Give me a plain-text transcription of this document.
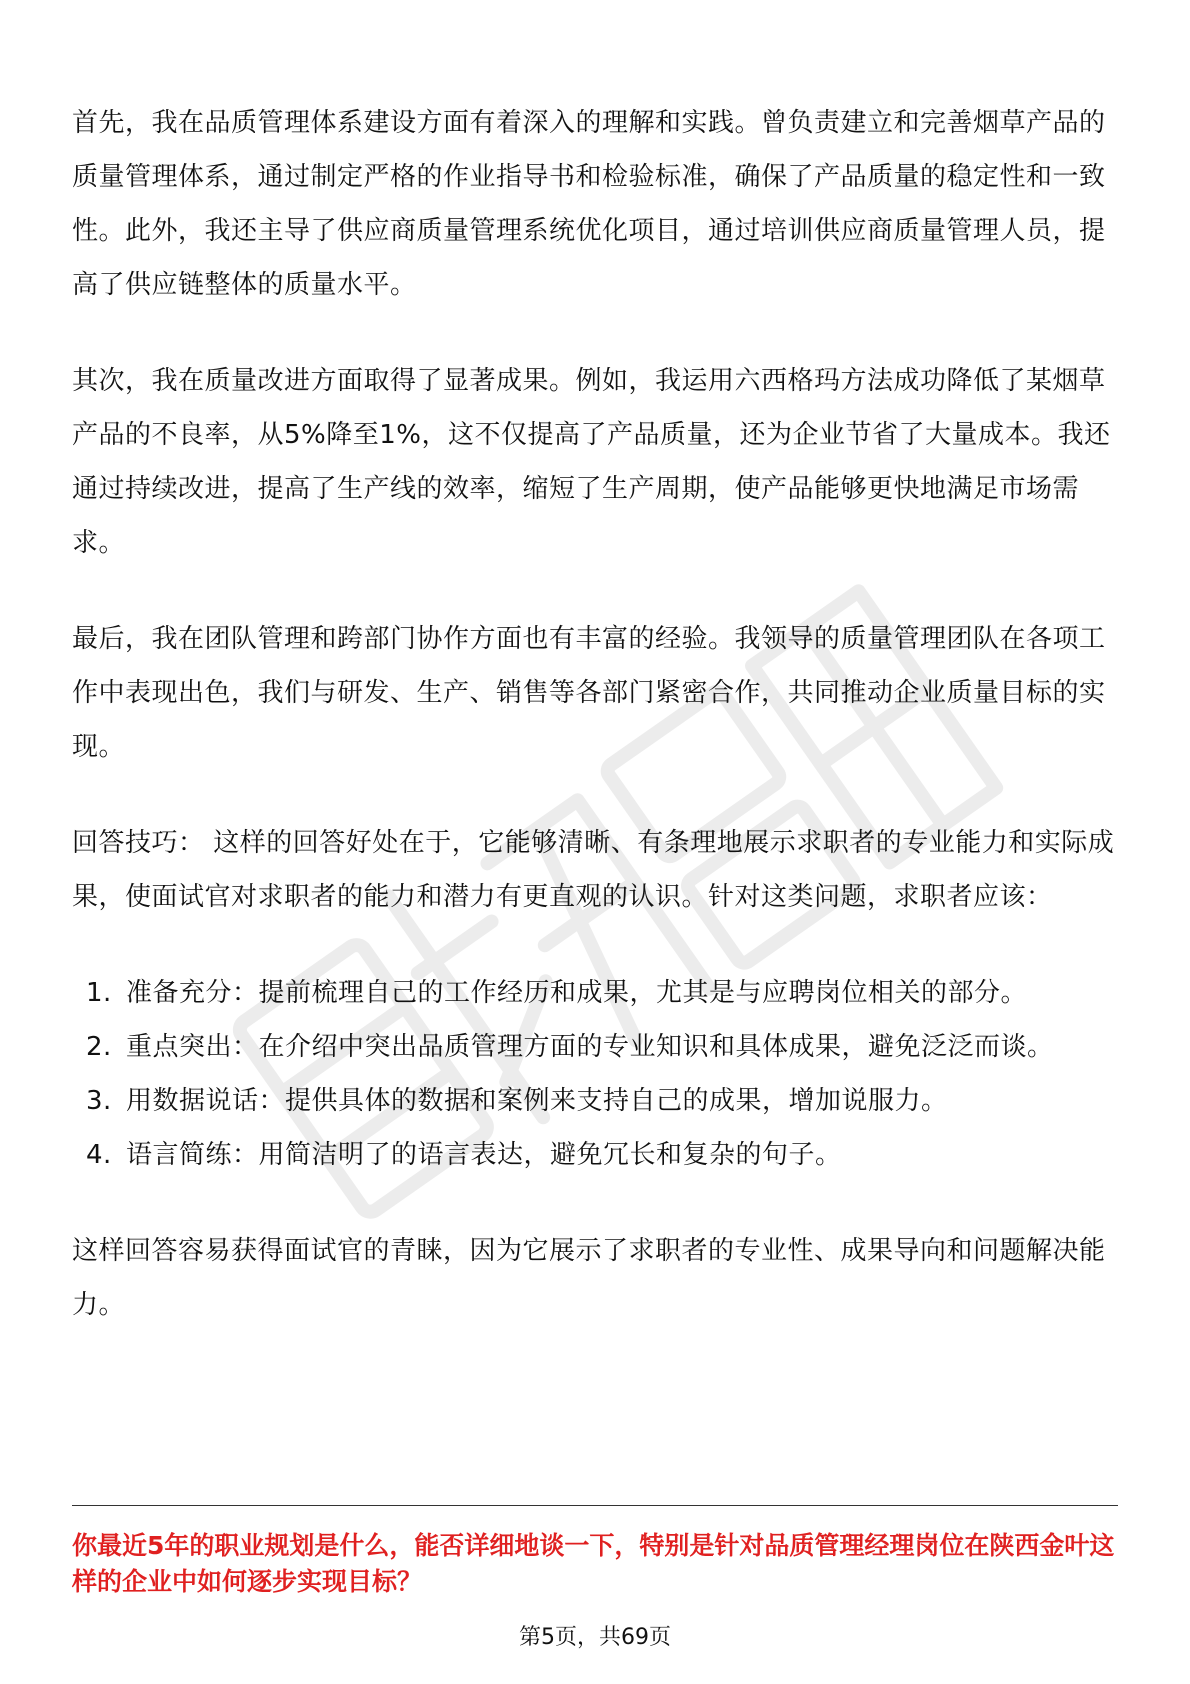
首先，我在品质管理体系建设方面有着深入的理解和实践。曾负责建立和完善烟草产品的质量管理体系，通过制定严格的作业指导书和检验标准，确保了产品质量的稳定性和一致性。此外，我还主导了供应商质量管理系统优化项目，通过培训供应商质量管理人员，提高了供应链整体的质量水平。

其次，我在质量改进方面取得了显著成果。例如，我运用六西格玛方法成功降低了某烟草产品的不良率，从5%降至1%，这不仅提高了产品质量，还为企业节省了大量成本。我还通过持续改进，提高了生产线的效率，缩短了生产周期，使产品能够更快地满足市场需求。

最后，我在团队管理和跨部门协作方面也有丰富的经验。我领导的质量管理团队在各项工作中表现出色，我们与研发、生产、销售等各部门紧密合作，共同推动企业质量目标的实现。

回答技巧： 这样的回答好处在于，它能够清晰、有条理地展示求职者的专业能力和实际成果，使面试官对求职者的能力和潜力有更直观的认识。针对这类问题，求职者应该：

1. 准备充分：提前梳理自己的工作经历和成果，尤其是与应聘岗位相关的部分。
2. 重点突出：在介绍中突出品质管理方面的专业知识和具体成果，避免泛泛而谈。
3. 用数据说话：提供具体的数据和案例来支持自己的成果，增加说服力。
4. 语言简练：用简洁明了的语言表达，避免冗长和复杂的句子。

这样回答容易获得面试官的青睐，因为它展示了求职者的专业性、成果导向和问题解决能力。

你最近5年的职业规划是什么，能否详细地谈一下，特别是针对品质管理经理岗位在陕西金叶这样的企业中如何逐步实现目标？

第5页，共69页
